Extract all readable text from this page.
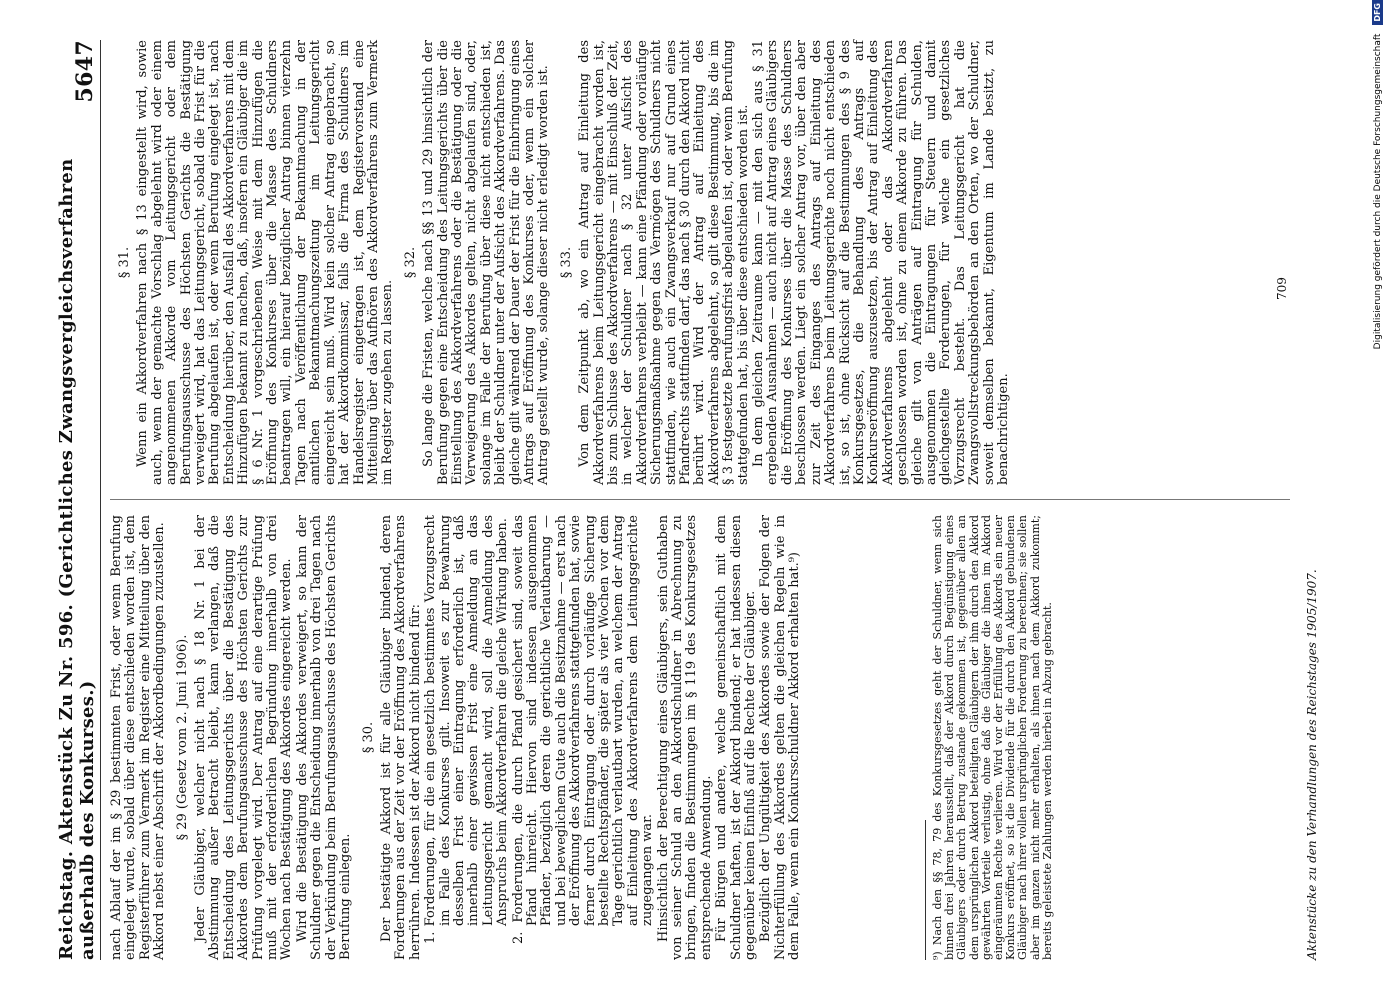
Reichstag. Aktenstück Zu Nr. 596. (Gerichtliches Zwangsvergleichsverfahren außerhalb des Konkurses.)
5647

nach Ablauf der im § 29 bestimmten Frist, oder wenn Berufung eingelegt wurde, sobald über diese entschieden worden ist, dem Registerführer zum Vermerk im Register eine Mitteilung über den Akkord nebst einer Abschrift der Akkordbedingungen zuzustellen. § 29 (Gesetz vom 2. Juni 1906). Jeder Gläubiger, welcher nicht nach § 18 Nr. 1 bei der Abstimmung außer Betracht bleibt, kann verlangen, daß die Entscheidung des Leitungsgerichts über die Bestätigung des Akkordes dem Berufungsausschusse des Höchsten Gerichts zur Prüfung vorgelegt wird. Der Antrag auf eine derartige Prüfung muß mit der erforderlichen Begründung innerhalb von drei Wochen nach Bestätigung des Akkordes eingereicht werden. Wird die Bestätigung des Akkordes verweigert, so kann der Schuldner gegen die Entscheidung innerhalb von drei Tagen nach der Verkündung beim Berufungsausschusse des Höchsten Gerichts Berufung einlegen.

§ 30. Der bestätigte Akkord ist für alle Gläubiger bindend, deren Forderungen aus der Zeit vor der Eröffnung des Akkordverfahrens herrühren. Indessen ist der Akkord nicht bindend für: 1. Forderungen, für die ein gesetzlich bestimmtes Vorzugsrecht im Falle des Konkurses gilt. Insoweit es zur Bewahrung desselben Frist einer Eintragung erforderlich ist, daß innerhalb einer gewissen Frist eine Anmeldung an das Leitungsgericht gemacht wird, soll die Anmeldung des Anspruchs beim Akkordverfahren die gleiche Wirkung haben. 2. Forderungen, die durch Pfand gesichert sind, soweit das Pfand hinreicht. Hiervon sind indessen ausgenommen Pfänder, bezüglich deren die gerichtliche Verlautbarung — und bei beweglichem Gute auch die Besitznahme — erst nach der Eröffnung des Akkordverfahrens stattgefunden hat, sowie ferner durch Eintragung oder durch vorläufige Sicherung bestellte Rechtspfänder, die später als vier Wochen vor dem Tage gerichtlich verlautbart wurden, an welchem der Antrag auf Einleitung des Akkordverfahrens dem Leitungsgerichte zugegangen war. Hinsichtlich der Berechtigung eines Gläubigers, sein Guthaben von seiner Schuld an den Akkordschuldner in Abrechnung zu bringen, finden die Bestimmungen im § 119 des Konkursgesetzes entsprechende Anwendung. Für Bürgen und andere, welche gemeinschaftlich mit dem Schuldner haften, ist der Akkord bindend; er hat indessen diesen gegenüber keinen Einfluß auf die Rechte der Gläubiger. Bezüglich der Ungültigkeit des Akkordes sowie der Folgen der Nichterfüllung des Akkordes gelten die gleichen Regeln wie in dem Falle, wenn ein Konkursschuldner Akkord erhalten hat.⁹)

§ 31. Wenn ein Akkordverfahren nach § 13 eingestellt wird, sowie auch, wenn der gemachte Vorschlag abgelehnt wird oder einem angenommenen Akkorde vom Leitungsgericht oder dem Berufungsausschusse des Höchsten Gerichts die Bestätigung verweigert wird, hat das Leitungsgericht, sobald die Frist für die Berufung abgelaufen ist, oder wenn Berufung eingelegt ist, nach Entscheidung hierüber, den Ausfall des Akkordverfahrens mit dem Hinzufügen bekannt zu machen, daß, insofern ein Gläubiger die im § 6 Nr. 1 vorgeschriebenen Weise mit dem Hinzufügen die Eröffnung des Konkurses über die Masse des Schuldners beantragen will, ein hierauf bezüglicher Antrag binnen vierzehn Tagen nach Veröffentlichung der Bekanntmachung in der amtlichen Bekanntmachungszeitung im Leitungsgericht eingereicht sein muß. Wird kein solcher Antrag eingebracht, so hat der Akkordkommissar, falls die Firma des Schuldners im Handelsregister eingetragen ist, dem Registervorstand eine Mitteilung über das Aufhören des Akkordverfahrens zum Vermerk im Register zugehen zu lassen.

§ 32. So lange die Fristen, welche nach §§ 13 und 29 hinsichtlich der Berufung gegen eine Entscheidung des Leitungsgerichts über die Einstellung des Akkordverfahrens oder die Bestätigung oder die Verweigerung des Akkordes gelten, nicht abgelaufen sind, oder, solange im Falle der Berufung über diese nicht entschieden ist, bleibt der Schuldner unter der Aufsicht des Akkordverfahrens. Das gleiche gilt während der Dauer der Frist für die Einbringung eines Antrags auf Eröffnung des Konkurses oder, wenn ein solcher Antrag gestellt wurde, solange dieser nicht erledigt worden ist. § 33. Von dem Zeitpunkt ab, wo ein Antrag auf Einleitung des Akkordverfahrens beim Leitungsgericht eingebracht worden ist, bis zum Schlusse des Akkordverfahrens — mit Einschluß der Zeit, in welcher der Schuldner nach § 32 unter Aufsicht des Akkordverfahrens verbleibt — kann eine Pfändung oder vorläufige Sicherungsmaßnahme gegen das Vermögen des Schuldners nicht stattfinden, wie auch ein Zwangsverkauf nur auf Grund eines Pfandrechts stattfinden darf, das nach § 30 durch den Akkord nicht berührt wird. Wird der Antrag auf Einleitung des Akkordverfahrens abgelehnt, so gilt diese Bestimmung, bis die im § 3 festgesetzte Berufungsfrist abgelaufen ist, oder wenn Berufung stattgefunden hat, bis über diese entschieden worden ist. In dem gleichen Zeitraume kann — mit den sich aus § 31 ergebenden Ausnahmen — auch nicht auf Antrag eines Gläubigers die Eröffnung des Konkurses über die Masse des Schuldners beschlossen werden. Liegt ein solcher Antrag vor, über den aber zur Zeit des Einganges des Antrags auf Einleitung des Akkordverfahrens beim Leitungsgerichte noch nicht entschieden ist, so ist, ohne Rücksicht auf die Bestimmungen des § 9 des Konkursgesetzes, die Behandlung des Antrags auf Konkurseröffnung auszusetzen, bis der Antrag auf Einleitung des Akkordverfahrens abgelehnt oder das Akkordverfahren geschlossen worden ist, ohne zu einem Akkorde zu führen. Das gleiche gilt von Anträgen auf Eintragung für Schulden, ausgenommen die Eintragungen für Steuern und damit gleichgestellte Forderungen, für welche ein gesetzliches Vorzugsrecht besteht. Das Leitungsgericht hat die Zwangsvollstreckungsbehörden an den Orten, wo der Schuldner, soweit demselben bekannt, Eigentum im Lande besitzt, zu benachrichtigen.

⁹) Nach den §§ 78, 79 des Konkursgesetzes geht der Schuldner, wenn sich binnen drei Jahren herausstellt, daß der Akkord durch Begünstigung eines Gläubigers oder durch Betrug zustande gekommen ist, gegenüber allen an dem ursprünglichen Akkord beteiligten Gläubigern der ihm durch den Akkord gewährten Vorteile verlustig, ohne daß die Gläubiger die ihnen im Akkord eingeräumten Rechte verlieren. Wird vor der Erfüllung des Akkords ein neuer Konkurs eröffnet, so ist die Dividende für die durch den Akkord gebundenen Gläubiger nach ihrer vollen ursprünglichen Forderung zu berechnen; sie sollen aber im ganzen nicht mehr erhalten, als ihnen nach dem Akkord zukommt; bereits geleistete Zahlungen werden hierbei in Abzug gebracht.	Aktenstücke zu den Verhandlungen des Reichstages 1905/1907.
709	Digitalisierung gefördert durch die Deutsche Forschungsgemeinschaft DFG
